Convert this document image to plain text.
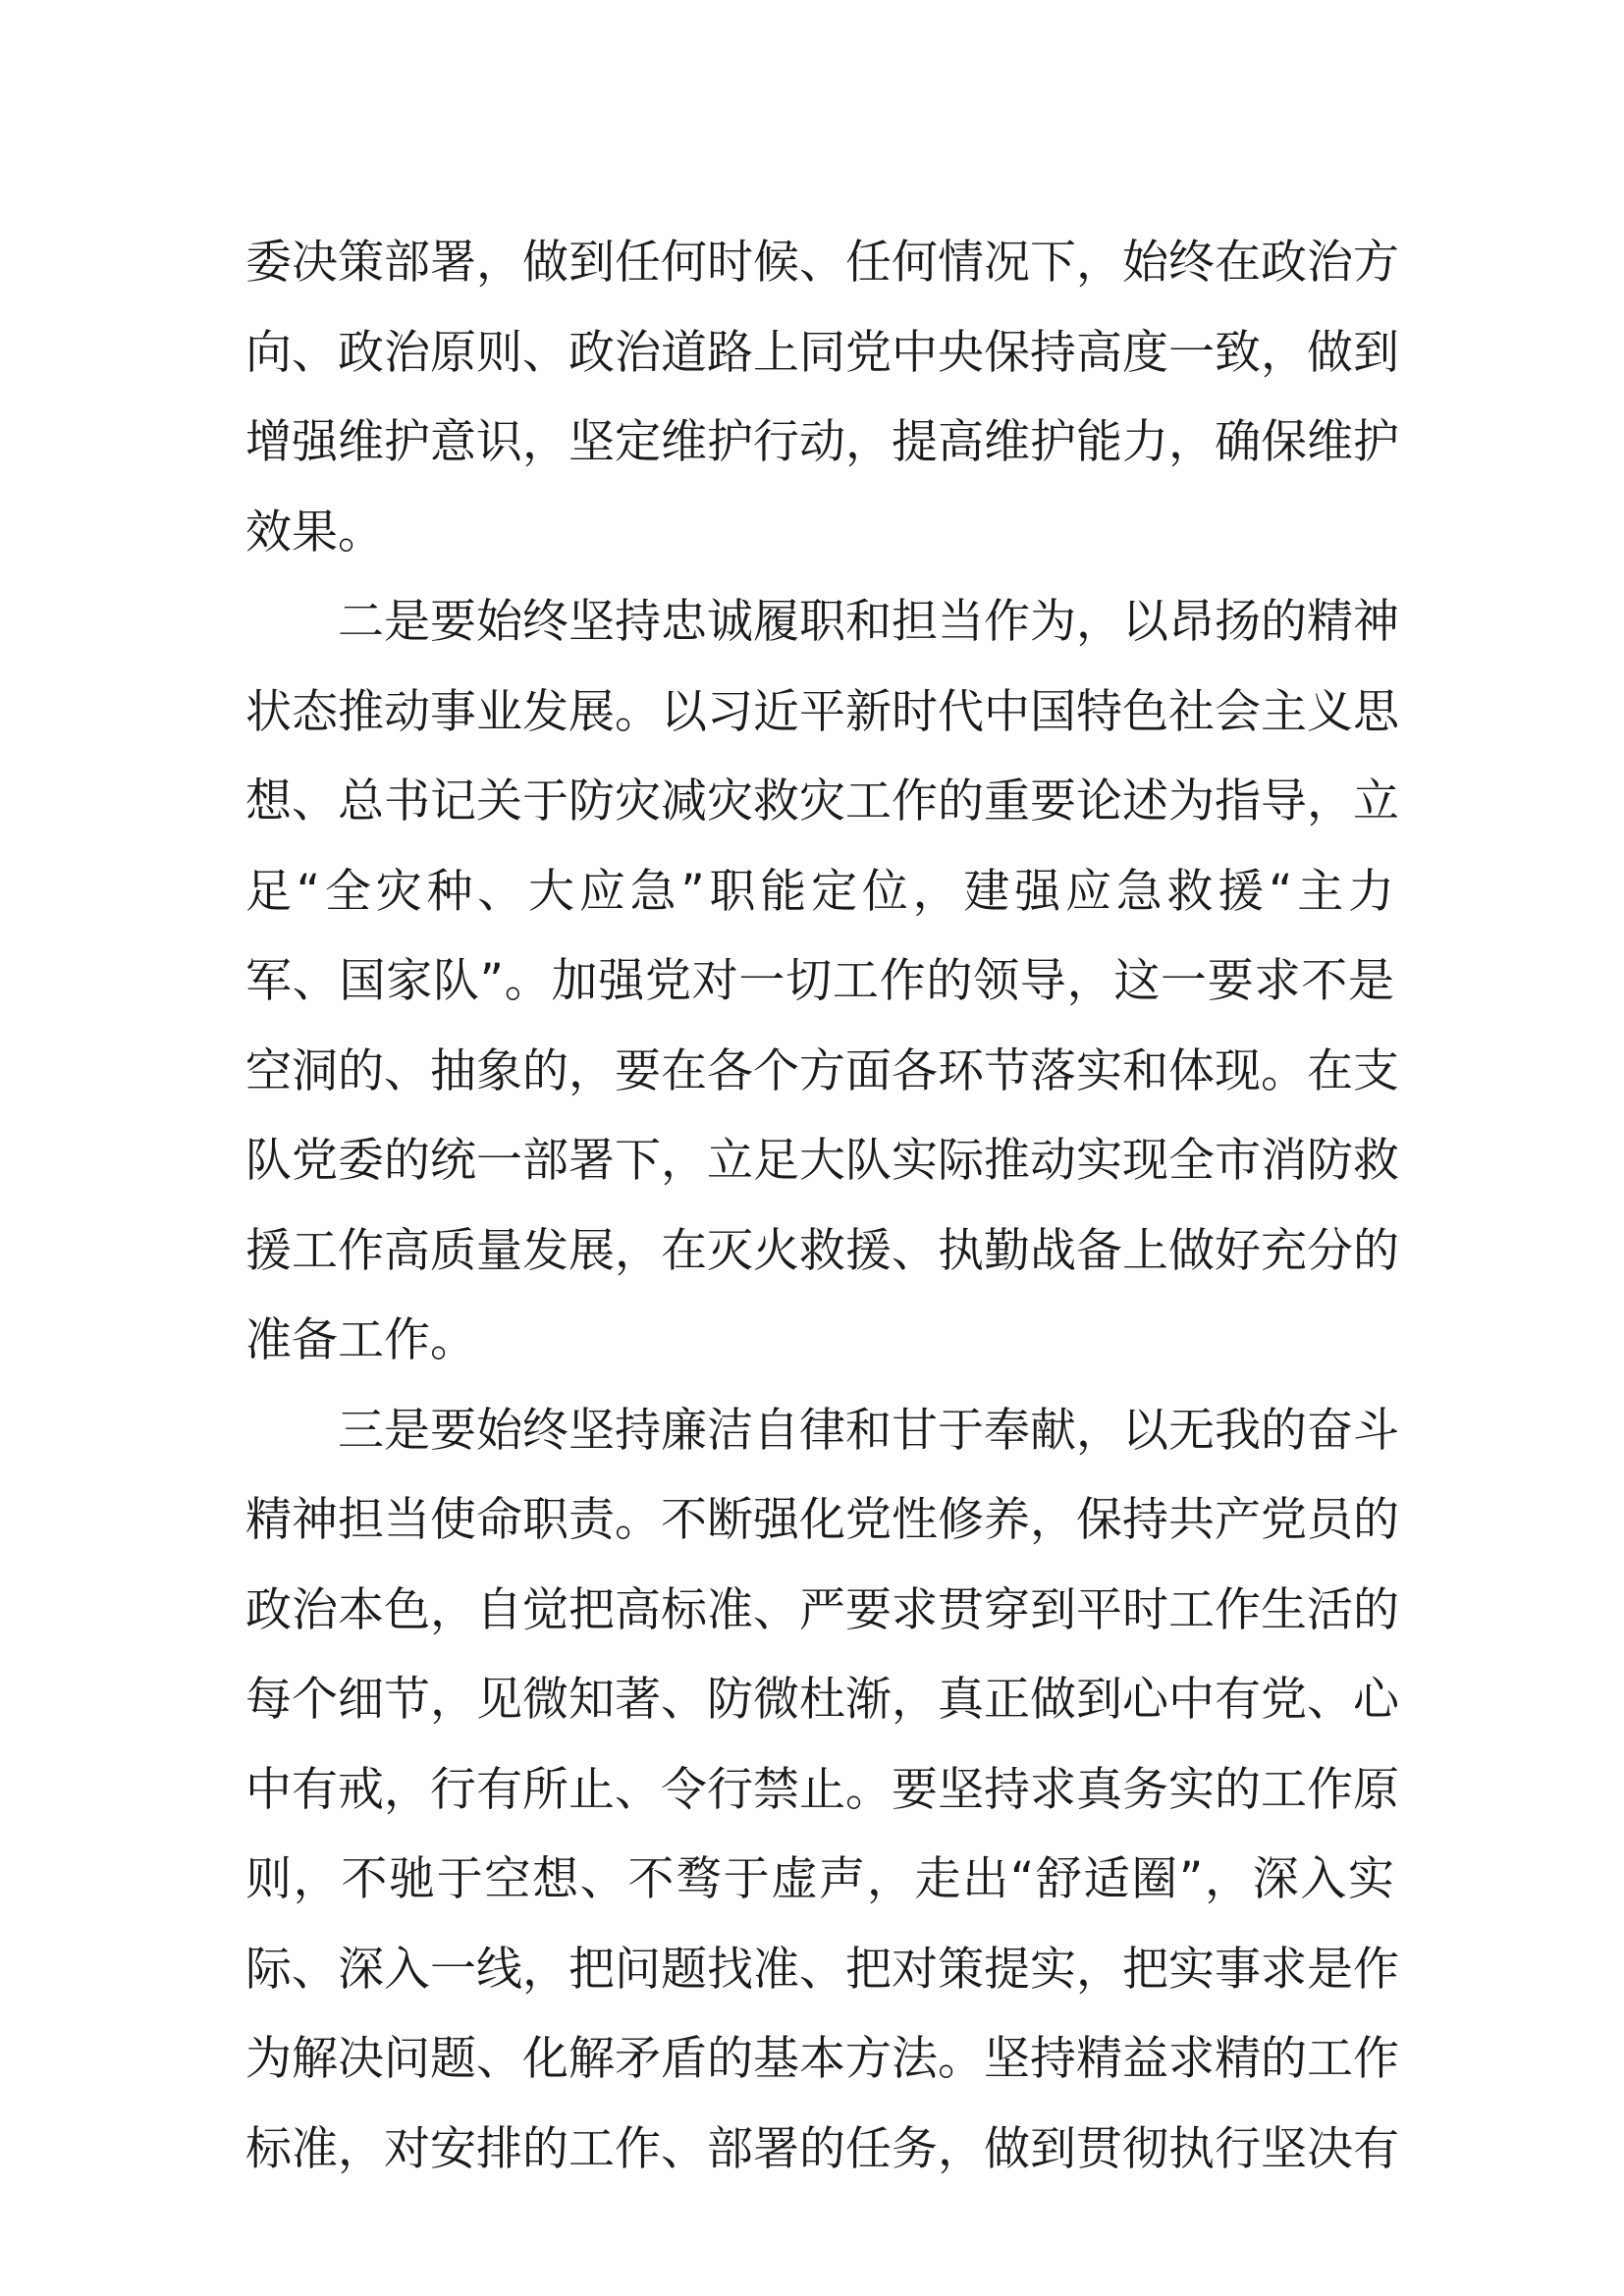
委决策部署，做到任何时候、任何情况下，始终在政治方
向、政治原则、政治道路上同党中央保持高度一致，做到
增强维护意识，坚定维护行动，提高维护能力，确保维护
效果。
　　二是要始终坚持忠诚履职和担当作为，以昂扬的精神
状态推动事业发展。以习近平新时代中国特色社会主义思
想、总书记关于防灾减灾救灾工作的重要论述为指导，立
足“全灾种、大应急”职能定位，建强应急救援“主力
军、国家队”。加强党对一切工作的领导，这一要求不是
空洞的、抽象的，要在各个方面各环节落实和体现。在支
队党委的统一部署下，立足大队实际推动实现全市消防救
援工作高质量发展，在灭火救援、执勤战备上做好充分的
准备工作。
　　三是要始终坚持廉洁自律和甘于奉献，以无我的奋斗
精神担当使命职责。不断强化党性修养，保持共产党员的
政治本色，自觉把高标准、严要求贯穿到平时工作生活的
每个细节，见微知著、防微杜渐，真正做到心中有党、心
中有戒，行有所止、令行禁止。要坚持求真务实的工作原
则，不驰于空想、不骛于虚声，走出“舒适圈”，深入实
际、深入一线，把问题找准、把对策提实，把实事求是作
为解决问题、化解矛盾的基本方法。坚持精益求精的工作
标准，对安排的工作、部署的任务，做到贯彻执行坚决有
